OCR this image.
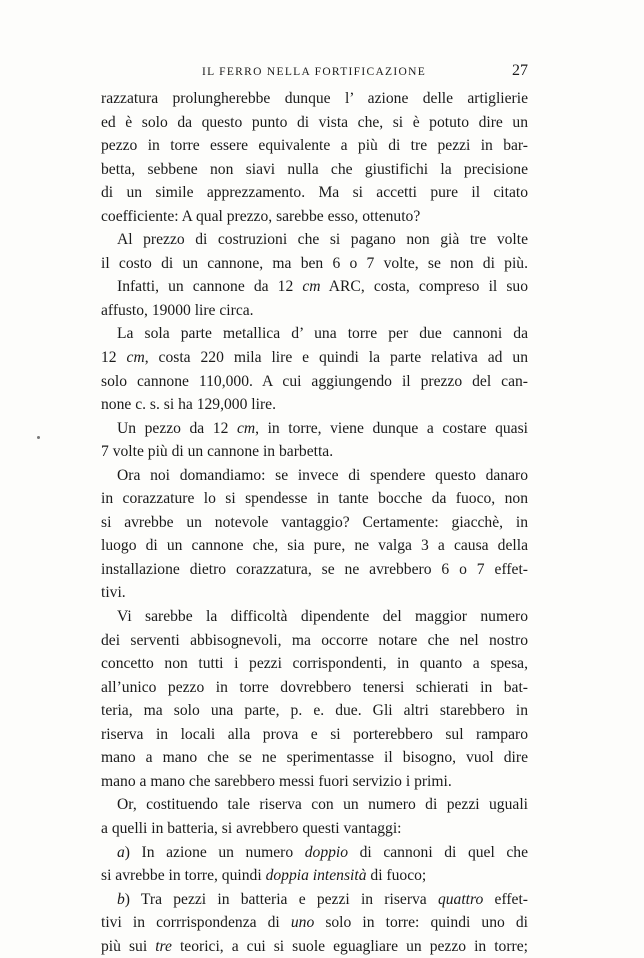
IL FERRO NELLA FORTIFICAZIONE	27
razzatura prolungherebbe dunque l’ azione delle artiglierie
ed è solo da questo punto di vista che, si è potuto dire un
pezzo in torre essere equivalente a più di tre pezzi in bar-
betta, sebbene non siavi nulla che giustifichi la precisione
di un simile apprezzamento. Ma si accetti pure il citato
coefficiente: A qual prezzo, sarebbe esso, ottenuto?
Al prezzo di costruzioni che si pagano non già tre volte
il costo di un cannone, ma ben 6 o 7 volte, se non di più.
Infatti, un cannone da 12 cm ARC, costa, compreso il suo
affusto, 19000 lire circa.
La sola parte metallica d’ una torre per due cannoni da
12 cm, costa 220 mila lire e quindi la parte relativa ad un
solo cannone 110,000. A cui aggiungendo il prezzo del can-
none c. s. si ha 129,000 lire.
Un pezzo da 12 cm, in torre, viene dunque a costare quasi
7 volte più di un cannone in barbetta.
Ora noi domandiamo: se invece di spendere questo danaro
in corazzature lo si spendesse in tante bocche da fuoco, non
si avrebbe un notevole vantaggio? Certamente: giacchè, in
luogo di un cannone che, sia pure, ne valga 3 a causa della
installazione dietro corazzatura, se ne avrebbero 6 o 7 effet-
tivi.
Vi sarebbe la difficoltà dipendente del maggior numero
dei serventi abbisognevoli, ma occorre notare che nel nostro
concetto non tutti i pezzi corrispondenti, in quanto a spesa,
all’unico pezzo in torre dovrebbero tenersi schierati in bat-
teria, ma solo una parte, p. e. due. Gli altri starebbero in
riserva in locali alla prova e si porterebbero sul ramparo
mano a mano che se ne sperimentasse il bisogno, vuol dire
mano a mano che sarebbero messi fuori servizio i primi.
Or, costituendo tale riserva con un numero di pezzi uguali
a quelli in batteria, si avrebbero questi vantaggi:
a) In azione un numero doppio di cannoni di quel che
si avrebbe in torre, quindi doppia intensità di fuoco;
b) Tra pezzi in batteria e pezzi in riserva quattro effet-
tivi in corrrispondenza di uno solo in torre: quindi uno di
più sui tre teorici, a cui si suole eguagliare un pezzo in torre;
